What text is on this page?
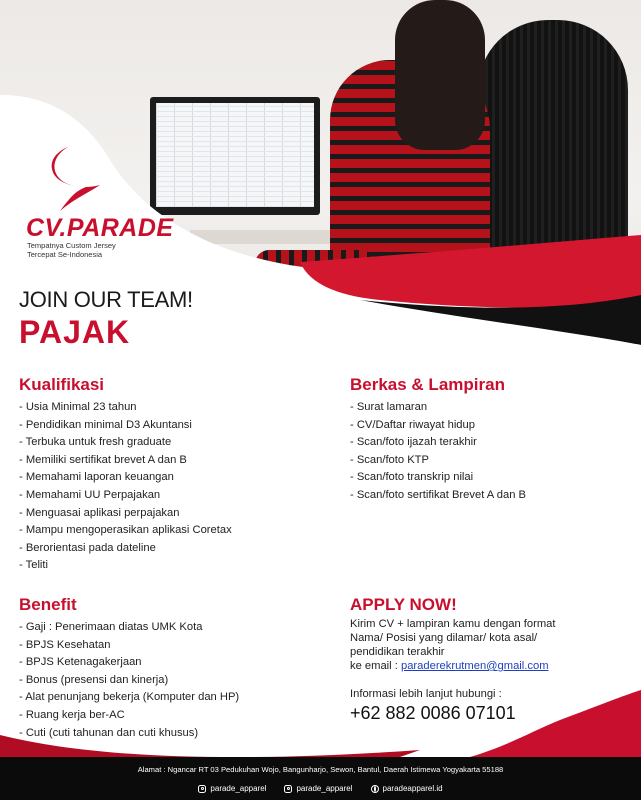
CV.PARADE
Tempatnya Custom Jersey
Tercepat Se-Indonesia
JOIN OUR TEAM!
PAJAK
Kualifikasi
- Usia Minimal 23 tahun
- Pendidikan minimal D3 Akuntansi
- Terbuka untuk fresh graduate
- Memiliki sertifikat brevet A dan B
- Memahami laporan keuangan
- Memahami UU Perpajakan
- Menguasai aplikasi perpajakan
- Mampu mengoperasikan aplikasi Coretax
- Berorientasi pada dateline
- Teliti
Berkas & Lampiran
- Surat lamaran
- CV/Daftar riwayat hidup
- Scan/foto ijazah terakhir
- Scan/foto KTP
- Scan/foto transkrip nilai
- Scan/foto sertifikat Brevet A dan B
Benefit
- Gaji : Penerimaan diatas UMK Kota
- BPJS Kesehatan
- BPJS Ketenagakerjaan
- Bonus (presensi dan kinerja)
- Alat penunjang bekerja (Komputer dan HP)
- Ruang kerja ber-AC
- Cuti (cuti tahunan dan cuti khusus)
APPLY NOW!
Kirim CV + lampiran kamu dengan format
Nama/ Posisi yang dilamar/ kota asal/
pendidikan terakhir
ke email : paraderekrutmen@gmail.com
Informasi lebih lanjut hubungi :
+62 882 0086 07101
Alamat : Ngancar RT 03 Pedukuhan Wojo, Bangunharjo, Sewon, Bantul, Daerah Istimewa Yogyakarta 55188
parade_apparel	parade_apparel	paradeapparel.id
